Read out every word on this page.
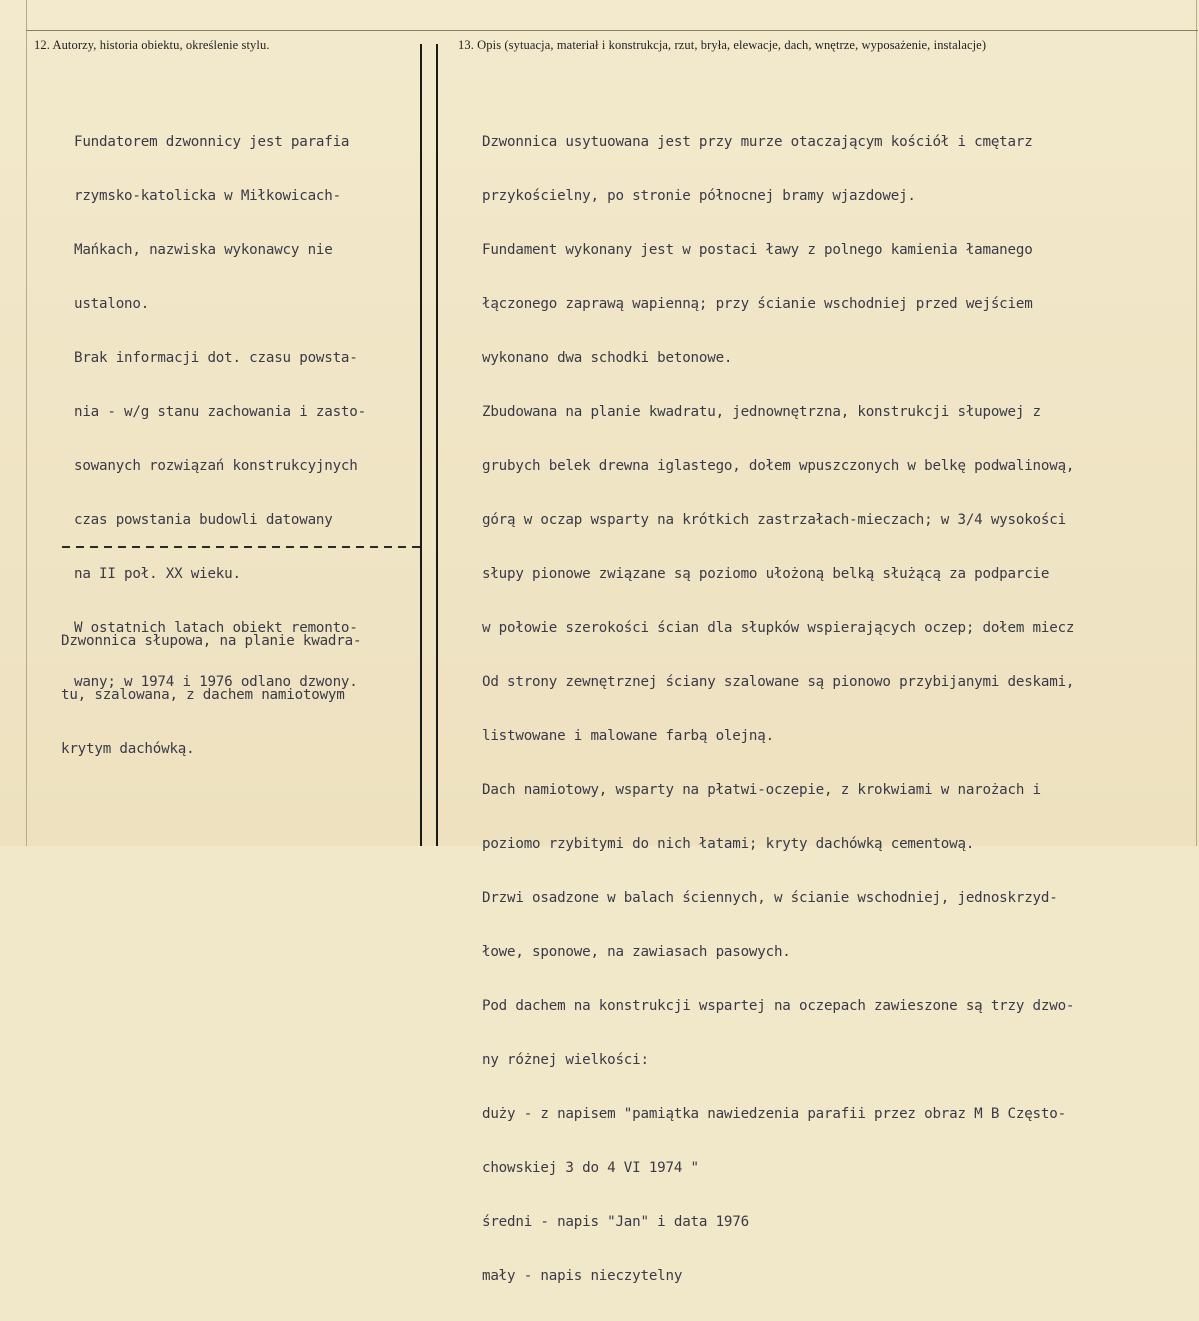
12. Autorzy, historia obiektu, określenie stylu.	13. Opis (sytuacja, materiał i konstrukcja, rzut, bryła, elewacje, dach, wnętrze, wyposażenie, instalacje)

Fundatorem dzwonnicy jest parafia

rzymsko-katolicka w Miłkowicach-

Mańkach, nazwiska wykonawcy nie

ustalono.

Brak informacji dot. czasu powsta-

nia - w/g stanu zachowania i zasto-

sowanych rozwiązań konstrukcyjnych

czas powstania budowli datowany

na II poł. XX wieku.

W ostatnich latach obiekt remonto-

wany; w 1974 i 1976 odlano dzwony.

Dzwonnica słupowa, na planie kwadra-

tu, szalowana, z dachem namiotowym

krytym dachówką.

Dzwonnica usytuowana jest przy murze otaczającym kościół i cmętarz

przykościelny, po stronie północnej bramy wjazdowej.

Fundament wykonany jest w postaci ławy z polnego kamienia łamanego

łączonego zaprawą wapienną; przy ścianie wschodniej przed wejściem

wykonano dwa schodki betonowe.

Zbudowana na planie kwadratu, jednownętrzna, konstrukcji słupowej z

grubych belek drewna iglastego, dołem wpuszczonych w belkę podwalinową,

górą w oczap wsparty na krótkich zastrzałach-mieczach; w 3/4 wysokości

słupy pionowe związane są poziomo ułożoną belką służącą za podparcie

w połowie szerokości ścian dla słupków wspierających oczep; dołem miecz

Od strony zewnętrznej ściany szalowane są pionowo przybijanymi deskami,

listwowane i malowane farbą olejną.

Dach namiotowy, wsparty na płatwi-oczepie, z krokwiami w narożach i

poziomo rzybitymi do nich łatami; kryty dachówką cementową.

Drzwi osadzone w balach ściennych, w ścianie wschodniej, jednoskrzyd-

łowe, sponowe, na zawiasach pasowych.

Pod dachem na konstrukcji wspartej na oczepach zawieszone są trzy dzwo-

ny różnej wielkości:

duży - z napisem "pamiątka nawiedzenia parafii przez obraz M B Często-

chowskiej 3 do 4 VI 1974 "

średni - napis "Jan" i data 1976

mały - napis nieczytelny
